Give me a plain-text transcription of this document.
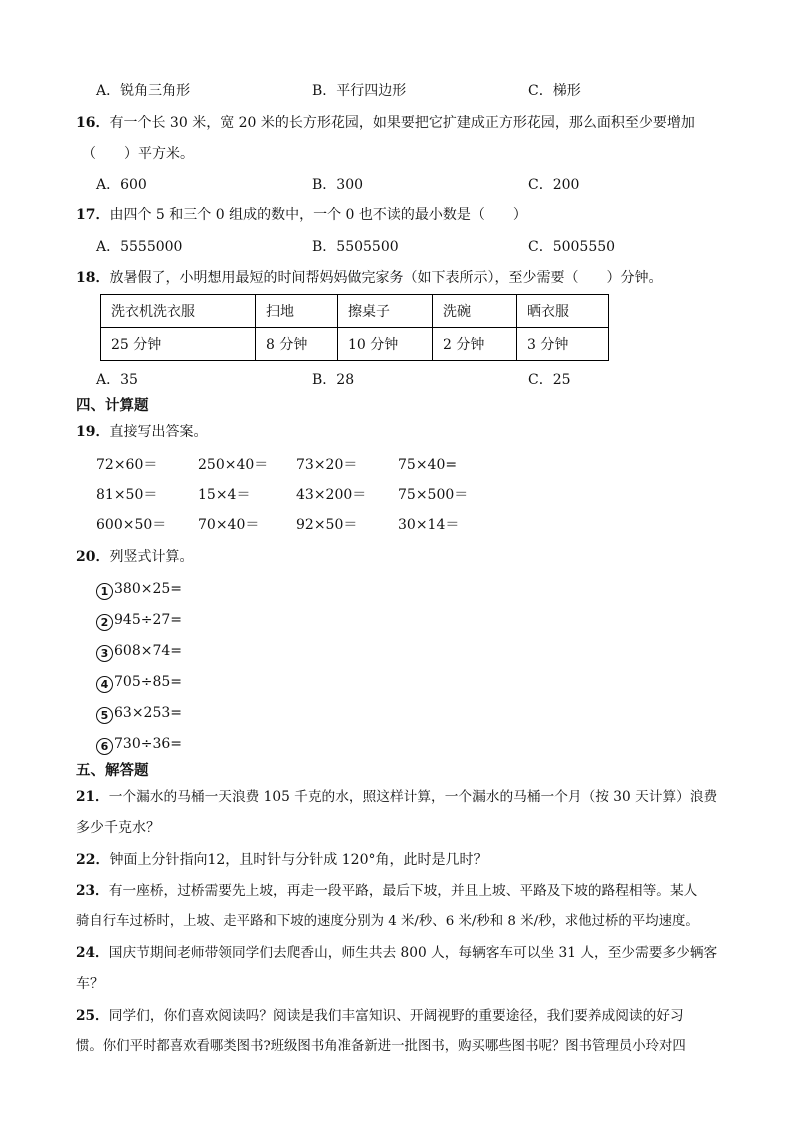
A．锐角三角形	B．平行四边形	C．梯形
16．有一个长 30 米，宽 20 米的长方形花园，如果要把它扩建成正方形花园，那么面积至少要增加
（　　）平方米。
A．600	B．300	C．200
17．由四个 5 和三个 0 组成的数中，一个 0 也不读的最小数是（　　）
A．5555000	B．5505500	C．5005550
18．放暑假了，小明想用最短的时间帮妈妈做完家务（如下表所示），至少需要（　　）分钟。
洗衣机洗衣服	扫地	擦桌子	洗碗	晒衣服
25 分钟	8 分钟	10 分钟	2 分钟	3 分钟
A．35	B．28	C．25
四、计算题
19．直接写出答案。
72×60＝	250×40＝ 73×20＝	75×40=
81×50＝	15×4＝	43×200＝ 75×500＝
600×50＝ 70×40＝	92×50＝	30×14＝
20．列竖式计算。
1 380×25=
2 945÷27=
3 608×74=
4 705÷85=
5 63×253=
6 730÷36=
五、解答题
21．一个漏水的马桶一天浪费 105 千克的水，照这样计算，一个漏水的马桶一个月（按 30 天计算）浪费
多少千克水？
22．钟面上分针指向12，且时针与分针成 120°角，此时是几时？
23．有一座桥，过桥需要先上坡，再走一段平路，最后下坡，并且上坡、平路及下坡的路程相等。某人
骑自行车过桥时，上坡、走平路和下坡的速度分别为 4 米/秒、6 米/秒和 8 米/秒，求他过桥的平均速度。
24．国庆节期间老师带领同学们去爬香山，师生共去 800 人，每辆客车可以坐 31 人，至少需要多少辆客
车？
25．同学们，你们喜欢阅读吗？阅读是我们丰富知识、开阔视野的重要途径，我们要养成阅读的好习
惯。你们平时都喜欢看哪类图书?班级图书角准备新进一批图书，购买哪些图书呢？图书管理员小玲对四
